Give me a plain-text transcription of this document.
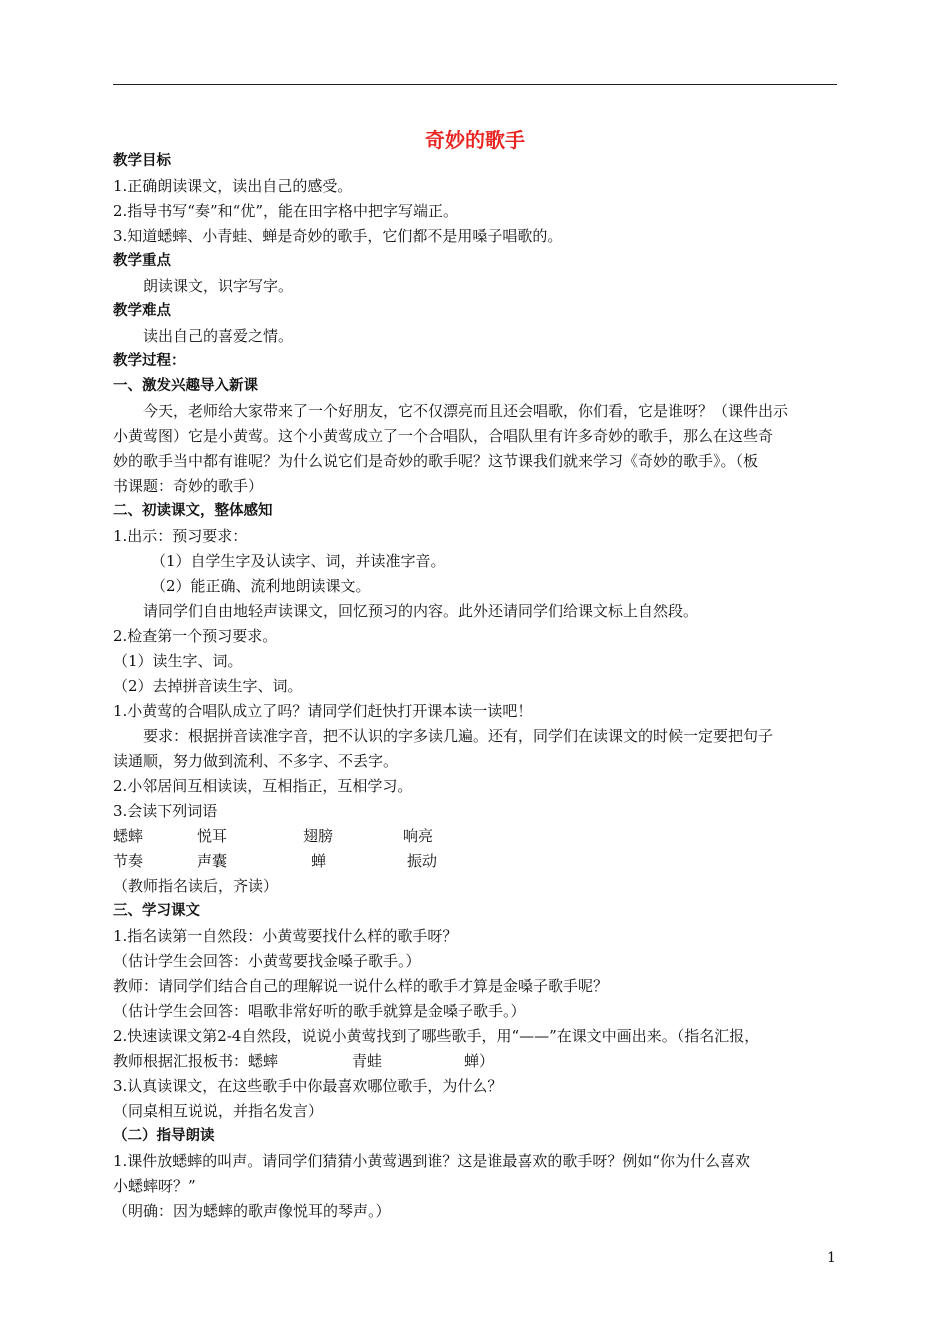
奇妙的歌手
教学目标
1.正确朗读课文，读出自己的感受。
2.指导书写“奏”和“优”，能在田字格中把字写端正。
3.知道蟋蟀、小青蛙、蝉是奇妙的歌手，它们都不是用嗓子唱歌的。
教学重点
朗读课文，识字写字。
教学难点
读出自己的喜爱之情。
教学过程：
一、激发兴趣导入新课
今天，老师给大家带来了一个好朋友，它不仅漂亮而且还会唱歌，你们看，它是谁呀？（课件出示
小黄莺图）它是小黄莺。这个小黄莺成立了一个合唱队，合唱队里有许多奇妙的歌手，那么在这些奇
妙的歌手当中都有谁呢？为什么说它们是奇妙的歌手呢？这节课我们就来学习《奇妙的歌手》。（板
书课题：奇妙的歌手）
二、初读课文，整体感知
1.出示：预习要求：
（1）自学生字及认读字、词，并读准字音。
（2）能正确、流利地朗读课文。
请同学们自由地轻声读课文，回忆预习的内容。此外还请同学们给课文标上自然段。
2.检查第一个预习要求。
（1）读生字、词。
（2）去掉拼音读生字、词。
1.小黄莺的合唱队成立了吗？请同学们赶快打开课本读一读吧！
要求：根据拼音读准字音，把不认识的字多读几遍。还有，同学们在读课文的时候一定要把句子
读通顺，努力做到流利、不多字、不丢字。
2.小邻居间互相读读，互相指正，互相学习。
3.会读下列词语
蟋蟀	悦耳	翅膀	响亮
节奏	声囊	蝉	振动
（教师指名读后，齐读）
三、学习课文
1.指名读第一自然段：小黄莺要找什么样的歌手呀？
（估计学生会回答：小黄莺要找金嗓子歌手。）
教师：请同学们结合自己的理解说一说什么样的歌手才算是金嗓子歌手呢？
（估计学生会回答：唱歌非常好听的歌手就算是金嗓子歌手。）
2.快速读课文第2-4自然段，说说小黄莺找到了哪些歌手，用“——”在课文中画出来。（指名汇报，
教师根据汇报板书：蟋蟀	青蛙	蝉）
3.认真读课文，在这些歌手中你最喜欢哪位歌手，为什么？
（同桌相互说说，并指名发言）
（二）指导朗读
1.课件放蟋蟀的叫声。请同学们猜猜小黄莺遇到谁？这是谁最喜欢的歌手呀？例如“你为什么喜欢
小蟋蟀呀？”
（明确：因为蟋蟀的歌声像悦耳的琴声。）
1
